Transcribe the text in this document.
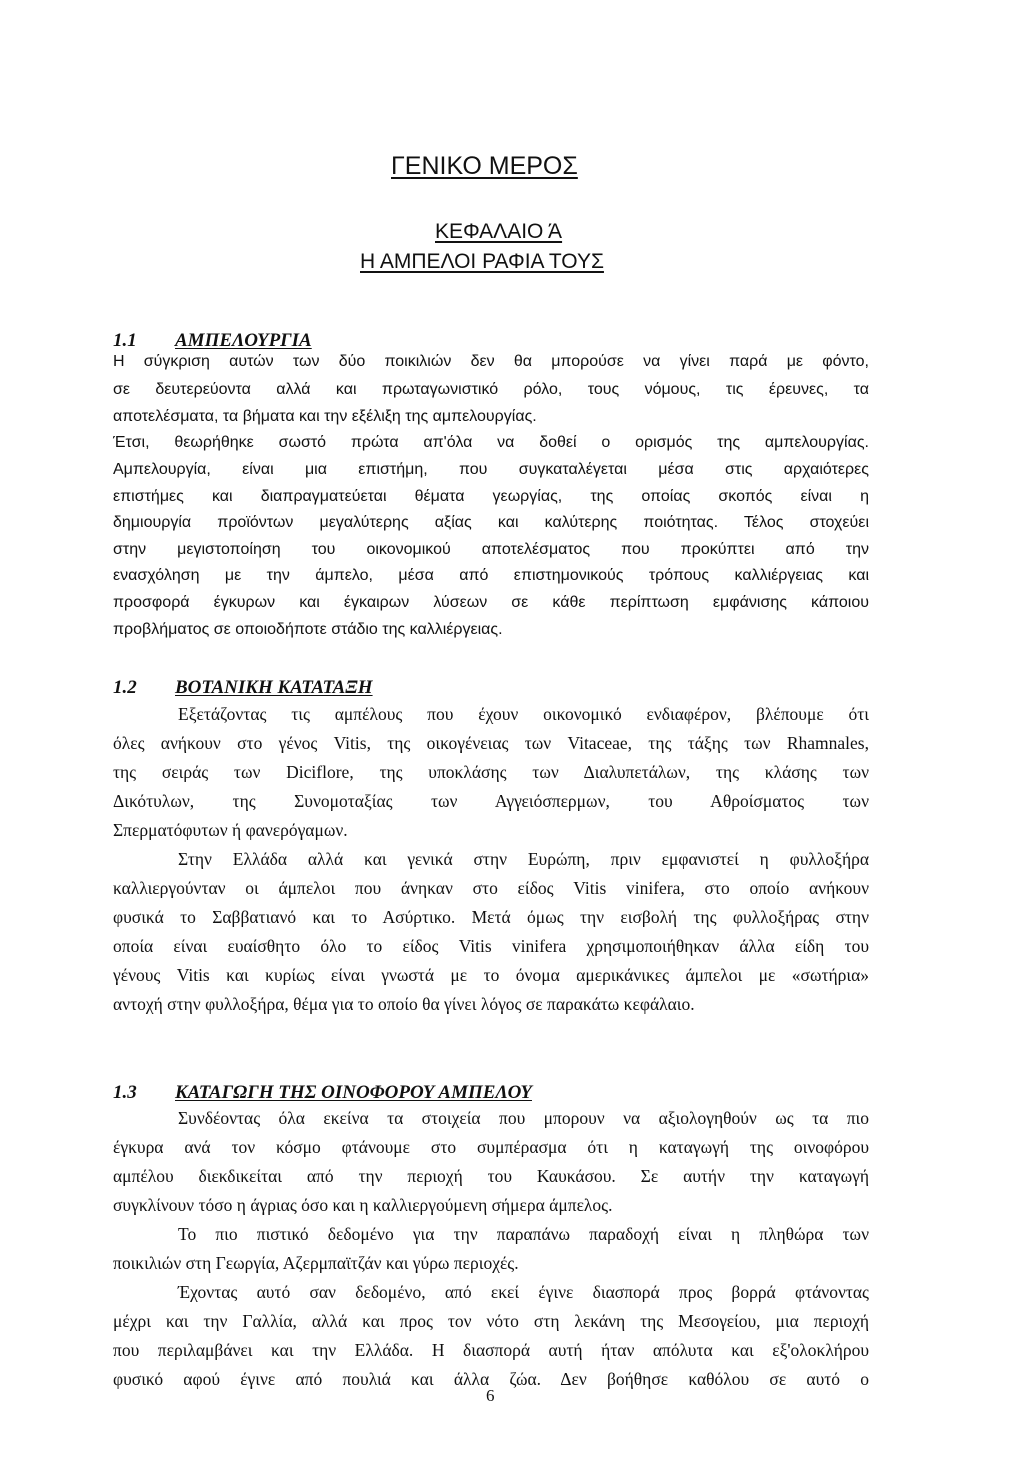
ΓΕΝΙΚΟ ΜΕΡΟΣ
ΚΕΦΑΛΑΙΟ Ά
Η ΑΜΠΕΛΟΙ ΡΑΦΙΑ ΤΟΥΣ
1.1 ΑΜΠΕΛΟΥΡΓΙΑ
Η σύγκριση αυτών των δύο ποικιλιών δεν θα μπορούσε να γίνει παρά με φόντο,
σε δευτερεύοντα αλλά και πρωταγωνιστικό ρόλο, τους νόμους, τις έρευνες, τα
αποτελέσματα, τα βήματα και την εξέλιξη της αμπελουργίας.
Έτσι, θεωρήθηκε σωστό πρώτα απ'όλα να δοθεί ο ορισμός της αμπελουργίας.
Αμπελουργία, είναι μια επιστήμη, που συγκαταλέγεται μέσα στις αρχαιότερες
επιστήμες και διαπραγματεύεται θέματα γεωργίας, της οποίας σκοπός είναι η
δημιουργία προϊόντων μεγαλύτερης αξίας και καλύτερης ποιότητας. Τέλος στοχεύει
στην μεγιστοποίηση του οικονομικού αποτελέσματος που προκύπτει από την
ενασχόληση με την άμπελο, μέσα από επιστημονικούς τρόπους καλλιέργειας και
προσφορά έγκυρων και έγκαιρων λύσεων σε κάθε περίπτωση εμφάνισης κάποιου
προβλήματος σε οποιοδήποτε στάδιο της καλλιέργειας.
1.2 ΒΟΤΑΝΙΚΗ ΚΑΤΑΤΑΞΗ
Εξετάζοντας τις αμπέλους που έχουν οικονομικό ενδιαφέρον, βλέπουμε ότι
όλες ανήκουν στο γένος Vitis, της οικογένειας των Vitaceae, της τάξης των Rhamnales,
της σειράς των Diciflore, της υποκλάσης των Διαλυπετάλων, της κλάσης των
Δικότυλων, της Συνομοταξίας των Αγγειόσπερμων, του Αθροίσματος των
Σπερματόφυτων ή φανερόγαμων.
Στην Ελλάδα αλλά και γενικά στην Ευρώπη, πριν εμφανιστεί η φυλλοξήρα
καλλιεργούνταν οι άμπελοι που άνηκαν στο είδος Vitis vinifera, στο οποίο ανήκουν
φυσικά το Σαββατιανό και το Ασύρτικο. Μετά όμως την εισβολή της φυλλοξήρας στην
οποία είναι ευαίσθητο όλο το είδος Vitis vinifera χρησιμοποιήθηκαν άλλα είδη του
γένους Vitis και κυρίως είναι γνωστά με το όνομα αμερικάνικες άμπελοι με «σωτήρια»
αντοχή στην φυλλοξήρα, θέμα για το οποίο θα γίνει λόγος σε παρακάτω κεφάλαιο.
1.3 ΚΑΤΑΓΩΓΗ ΤΗΣ ΟΙΝΟΦΟΡΟΥ ΑΜΠΕΛΟΥ
Συνδέοντας όλα εκείνα τα στοιχεία που μπορουν να αξιολογηθούν ως τα πιο
έγκυρα ανά τον κόσμο φτάνουμε στο συμπέρασμα ότι η καταγωγή της οινοφόρου
αμπέλου διεκδικείται από την περιοχή του Καυκάσου. Σε αυτήν την καταγωγή
συγκλίνουν τόσο η άγριας όσο και η καλλιεργούμενη σήμερα άμπελος.
Το πιο πιστικό δεδομένο για την παραπάνω παραδοχή είναι η πληθώρα των
ποικιλιών στη Γεωργία, Αζερμπαϊτζάν και γύρω περιοχές.
Έχοντας αυτό σαν δεδομένο, από εκεί έγινε διασπορά προς βορρά φτάνοντας
μέχρι και την Γαλλία, αλλά και προς τον νότο στη λεκάνη της Μεσογείου, μια περιοχή
που περιλαμβάνει και την Ελλάδα. Η διασπορά αυτή ήταν απόλυτα και εξ'ολοκλήρου
φυσικό αφού έγινε από πουλιά και άλλα ζώα. Δεν βοήθησε καθόλου σε αυτό ο
6
